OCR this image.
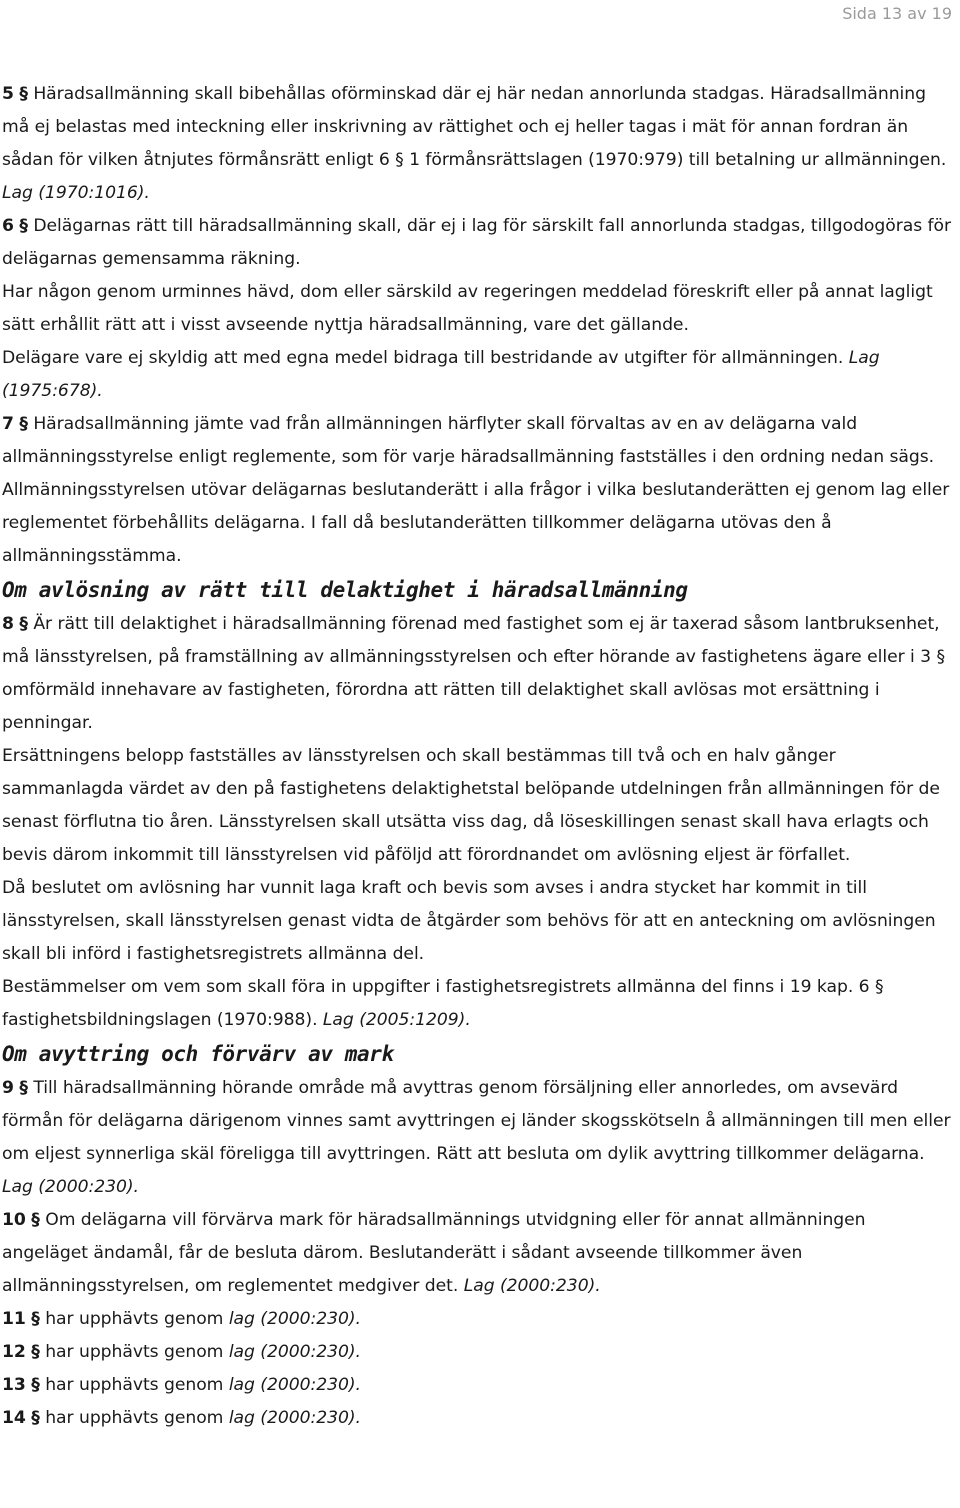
Sida 13 av 19

5 § Häradsallmänning skall bibehållas oförminskad där ej här nedan annorlunda stadgas. Häradsallmänning må ej belastas med inteckning eller inskrivning av rättighet och ej heller tagas i mät för annan fordran än sådan för vilken åtnjutes förmånsrätt enligt 6 § 1 förmånsrättslagen (1970:979) till betalning ur allmänningen. Lag (1970:1016).

6 § Delägarnas rätt till häradsallmänning skall, där ej i lag för särskilt fall annorlunda stadgas, tillgodogöras för delägarnas gemensamma räkning.

Har någon genom urminnes hävd, dom eller särskild av regeringen meddelad föreskrift eller på annat lagligt sätt erhållit rätt att i visst avseende nyttja häradsallmänning, vare det gällande.

Delägare vare ej skyldig att med egna medel bidraga till bestridande av utgifter för allmänningen. Lag (1975:678).

7 § Häradsallmänning jämte vad från allmänningen härflyter skall förvaltas av en av delägarna vald allmänningsstyrelse enligt reglemente, som för varje häradsallmänning fastställes i den ordning nedan sägs.

Allmänningsstyrelsen utövar delägarnas beslutanderätt i alla frågor i vilka beslutanderätten ej genom lag eller reglementet förbehållits delägarna. I fall då beslutanderätten tillkommer delägarna utövas den å allmänningsstämma.

Om avlösning av rätt till delaktighet i häradsallmänning

8 § Är rätt till delaktighet i häradsallmänning förenad med fastighet som ej är taxerad såsom lantbruksenhet, må länsstyrelsen, på framställning av allmänningsstyrelsen och efter hörande av fastighetens ägare eller i 3 § omförmäld innehavare av fastigheten, förordna att rätten till delaktighet skall avlösas mot ersättning i penningar.

Ersättningens belopp fastställes av länsstyrelsen och skall bestämmas till två och en halv gånger sammanlagda värdet av den på fastighetens delaktighetstal belöpande utdelningen från allmänningen för de senast förflutna tio åren. Länsstyrelsen skall utsätta viss dag, då löseskillingen senast skall hava erlagts och bevis därom inkommit till länsstyrelsen vid påföljd att förordnandet om avlösning eljest är förfallet.

Då beslutet om avlösning har vunnit laga kraft och bevis som avses i andra stycket har kommit in till länsstyrelsen, skall länsstyrelsen genast vidta de åtgärder som behövs för att en anteckning om avlösningen skall bli införd i fastighetsregistrets allmänna del.

Bestämmelser om vem som skall föra in uppgifter i fastighetsregistrets allmänna del finns i 19 kap. 6 § fastighetsbildningslagen (1970:988). Lag (2005:1209).

Om avyttring och förvärv av mark

9 § Till häradsallmänning hörande område må avyttras genom försäljning eller annorledes, om avsevärd förmån för delägarna därigenom vinnes samt avyttringen ej länder skogsskötseln å allmänningen till men eller om eljest synnerliga skäl föreligga till avyttringen. Rätt att besluta om dylik avyttring tillkommer delägarna. Lag (2000:230).

10 § Om delägarna vill förvärva mark för häradsallmännings utvidgning eller för annat allmänningen angeläget ändamål, får de besluta därom. Beslutanderätt i sådant avseende tillkommer även allmänningsstyrelsen, om reglementet medgiver det. Lag (2000:230).

11 § har upphävts genom lag (2000:230).

12 § har upphävts genom lag (2000:230).

13 § har upphävts genom lag (2000:230).

14 § har upphävts genom lag (2000:230).
